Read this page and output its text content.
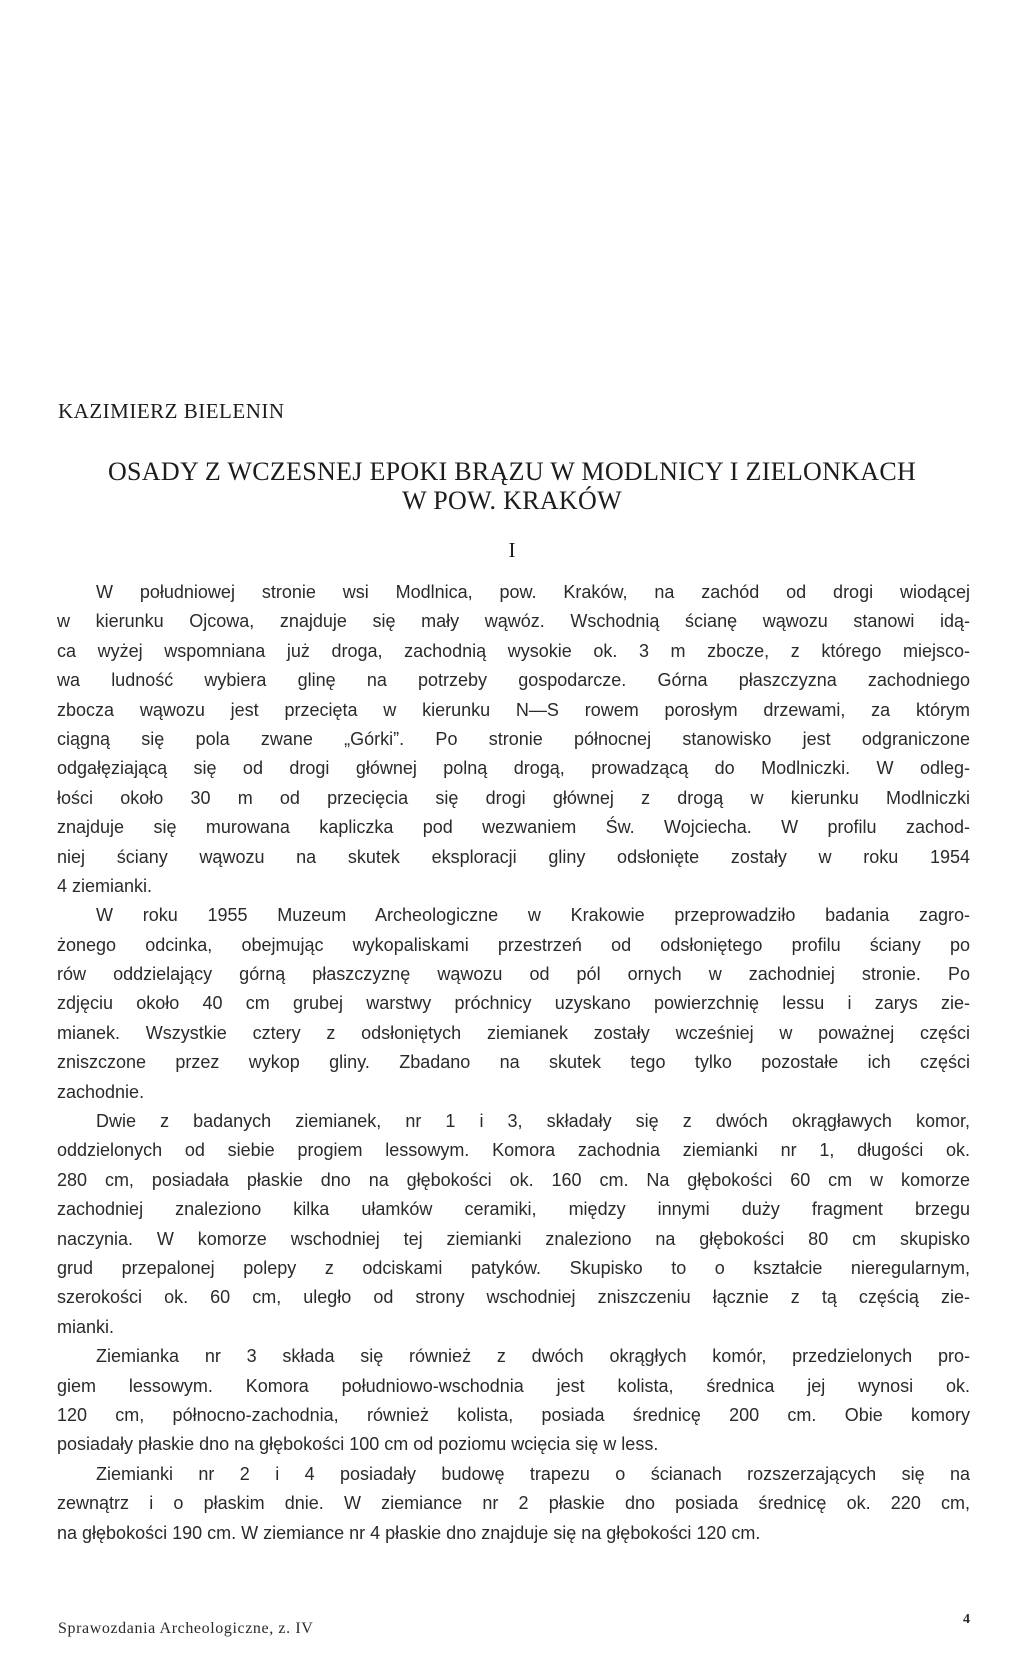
KAZIMIERZ BIELENIN
OSADY Z WCZESNEJ EPOKI BRĄZU W MODLNICY I ZIELONKACH
W POW. KRAKÓW
I
W południowej stronie wsi Modlnica, pow. Kraków, na zachód od drogi wiodącej
w kierunku Ojcowa, znajduje się mały wąwóz. Wschodnią ścianę wąwozu stanowi idą-
ca wyżej wspomniana już droga, zachodnią wysokie ok. 3 m zbocze, z którego miejsco-
wa ludność wybiera glinę na potrzeby gospodarcze. Górna płaszczyzna zachodniego
zbocza wąwozu jest przecięta w kierunku N—S rowem porosłym drzewami, za którym
ciągną się pola zwane „Górki”. Po stronie północnej stanowisko jest odgraniczone
odgałęziającą się od drogi głównej polną drogą, prowadzącą do Modlniczki. W odleg-
łości około 30 m od przecięcia się drogi głównej z drogą w kierunku Modlniczki
znajduje się murowana kapliczka pod wezwaniem Św. Wojciecha. W profilu zachod-
niej ściany wąwozu na skutek eksploracji gliny odsłonięte zostały w roku 1954
4 ziemianki.
W roku 1955 Muzeum Archeologiczne w Krakowie przeprowadziło badania zagro-
żonego odcinka, obejmując wykopaliskami przestrzeń od odsłoniętego profilu ściany po
rów oddzielający górną płaszczyznę wąwozu od pól ornych w zachodniej stronie. Po
zdjęciu około 40 cm grubej warstwy próchnicy uzyskano powierzchnię lessu i zarys zie-
mianek. Wszystkie cztery z odsłoniętych ziemianek zostały wcześniej w poważnej części
zniszczone przez wykop gliny. Zbadano na skutek tego tylko pozostałe ich części
zachodnie.
Dwie z badanych ziemianek, nr 1 i 3, składały się z dwóch okrągławych komor,
oddzielonych od siebie progiem lessowym. Komora zachodnia ziemianki nr 1, długości ok.
280 cm, posiadała płaskie dno na głębokości ok. 160 cm. Na głębokości 60 cm w komorze
zachodniej znaleziono kilka ułamków ceramiki, między innymi duży fragment brzegu
naczynia. W komorze wschodniej tej ziemianki znaleziono na głębokości 80 cm skupisko
grud przepalonej polepy z odciskami patyków. Skupisko to o kształcie nieregularnym,
szerokości ok. 60 cm, uległo od strony wschodniej zniszczeniu łącznie z tą częścią zie-
mianki.
Ziemianka nr 3 składa się również z dwóch okrągłych komór, przedzielonych pro-
giem lessowym. Komora południowo-wschodnia jest kolista, średnica jej wynosi ok.
120 cm, północno-zachodnia, również kolista, posiada średnicę 200 cm. Obie komory
posiadały płaskie dno na głębokości 100 cm od poziomu wcięcia się w less.
Ziemianki nr 2 i 4 posiadały budowę trapezu o ścianach rozszerzających się na
zewnątrz i o płaskim dnie. W ziemiance nr 2 płaskie dno posiada średnicę ok. 220 cm,
na głębokości 190 cm. W ziemiance nr 4 płaskie dno znajduje się na głębokości 120 cm.
Sprawozdania Archeologiczne, z. IV
4
